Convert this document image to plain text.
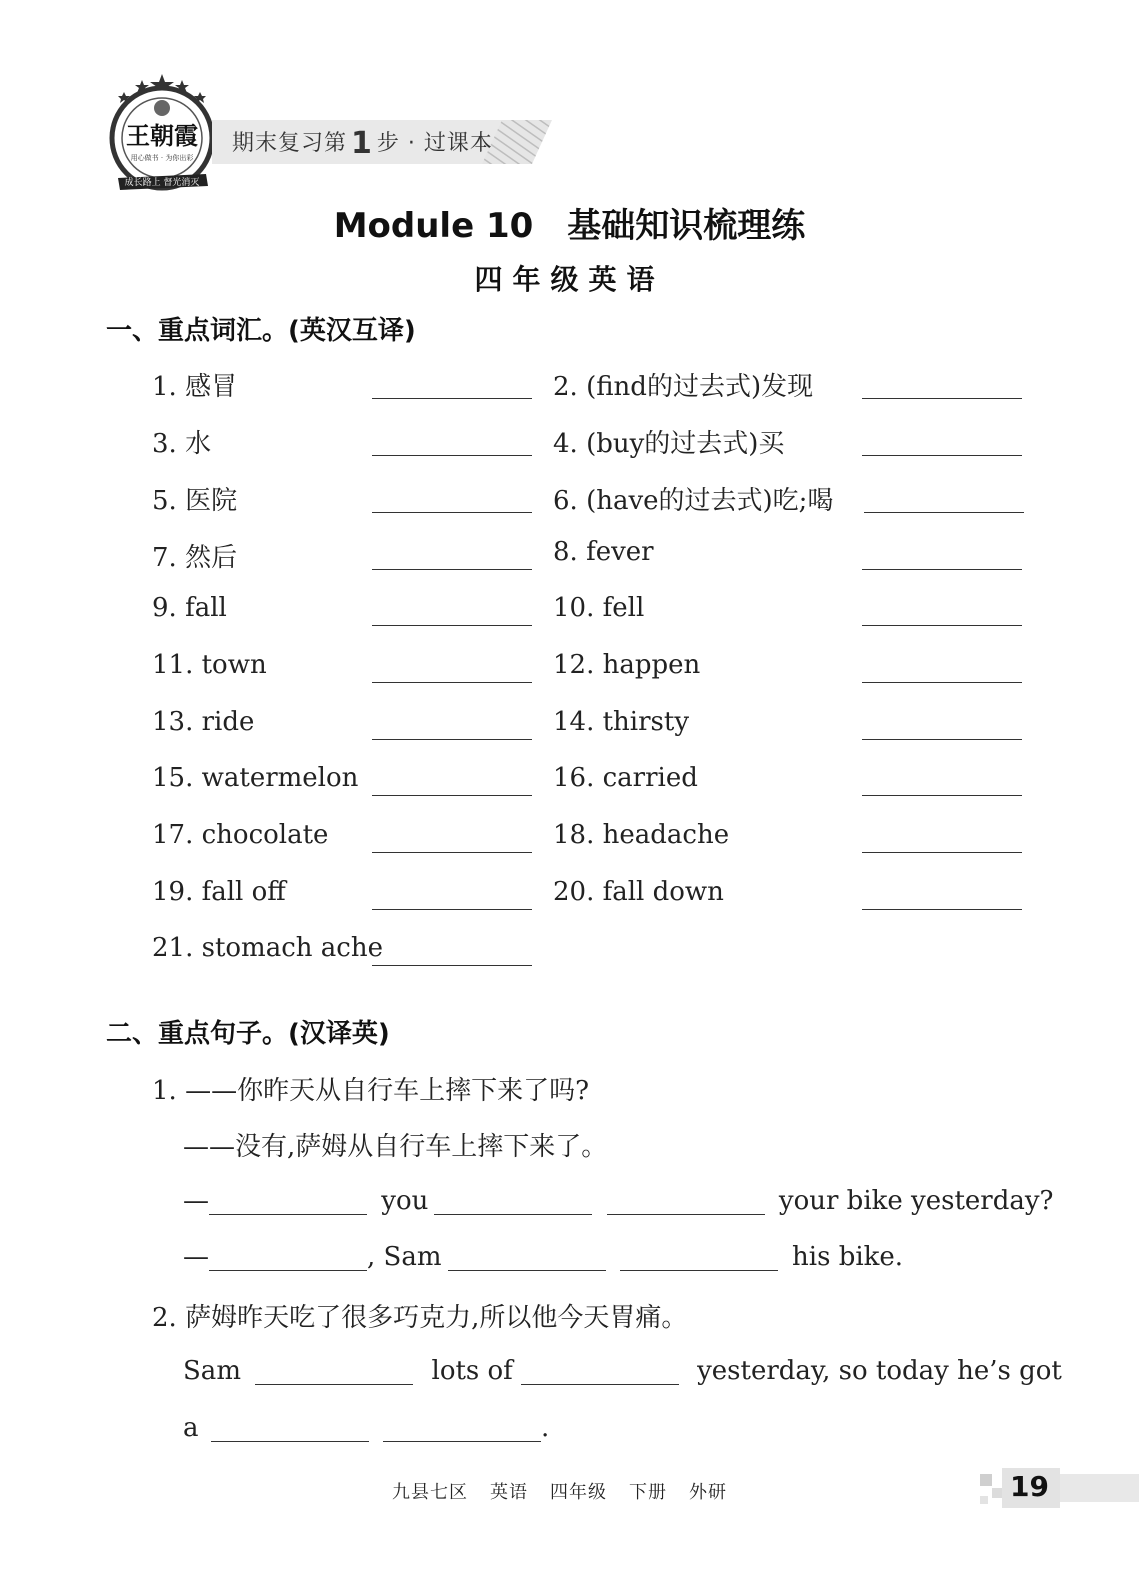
王朝霞
用心做书 · 为你出彩
成长路上 督光消灭
期末复习第 1 步 · 过课本
Module 10　基础知识梳理练
四年级英语
一、重点词汇。(英汉互译)
1. 感冒	2. (find的过去式)发现
3. 水	4. (buy的过去式)买
5. 医院	6. (have的过去式)吃;喝
7. 然后	8. fever
9. fall	10. fell
11. town	12. happen
13. ride	14. thirsty
15. watermelon	16. carried
17. chocolate	18. headache
19. fall off	20. fall down
21. stomach ache
二、重点句子。(汉译英)
1. ——你昨天从自行车上摔下来了吗?
——没有,萨姆从自行车上摔下来了。
—	you	your bike yesterday?
—	, Sam	his bike.
2. 萨姆昨天吃了很多巧克力,所以他今天胃痛。
Sam	lots of	yesterday, so today he’s got
a	.
九县七区 英语 四年级 下册 外研	19
